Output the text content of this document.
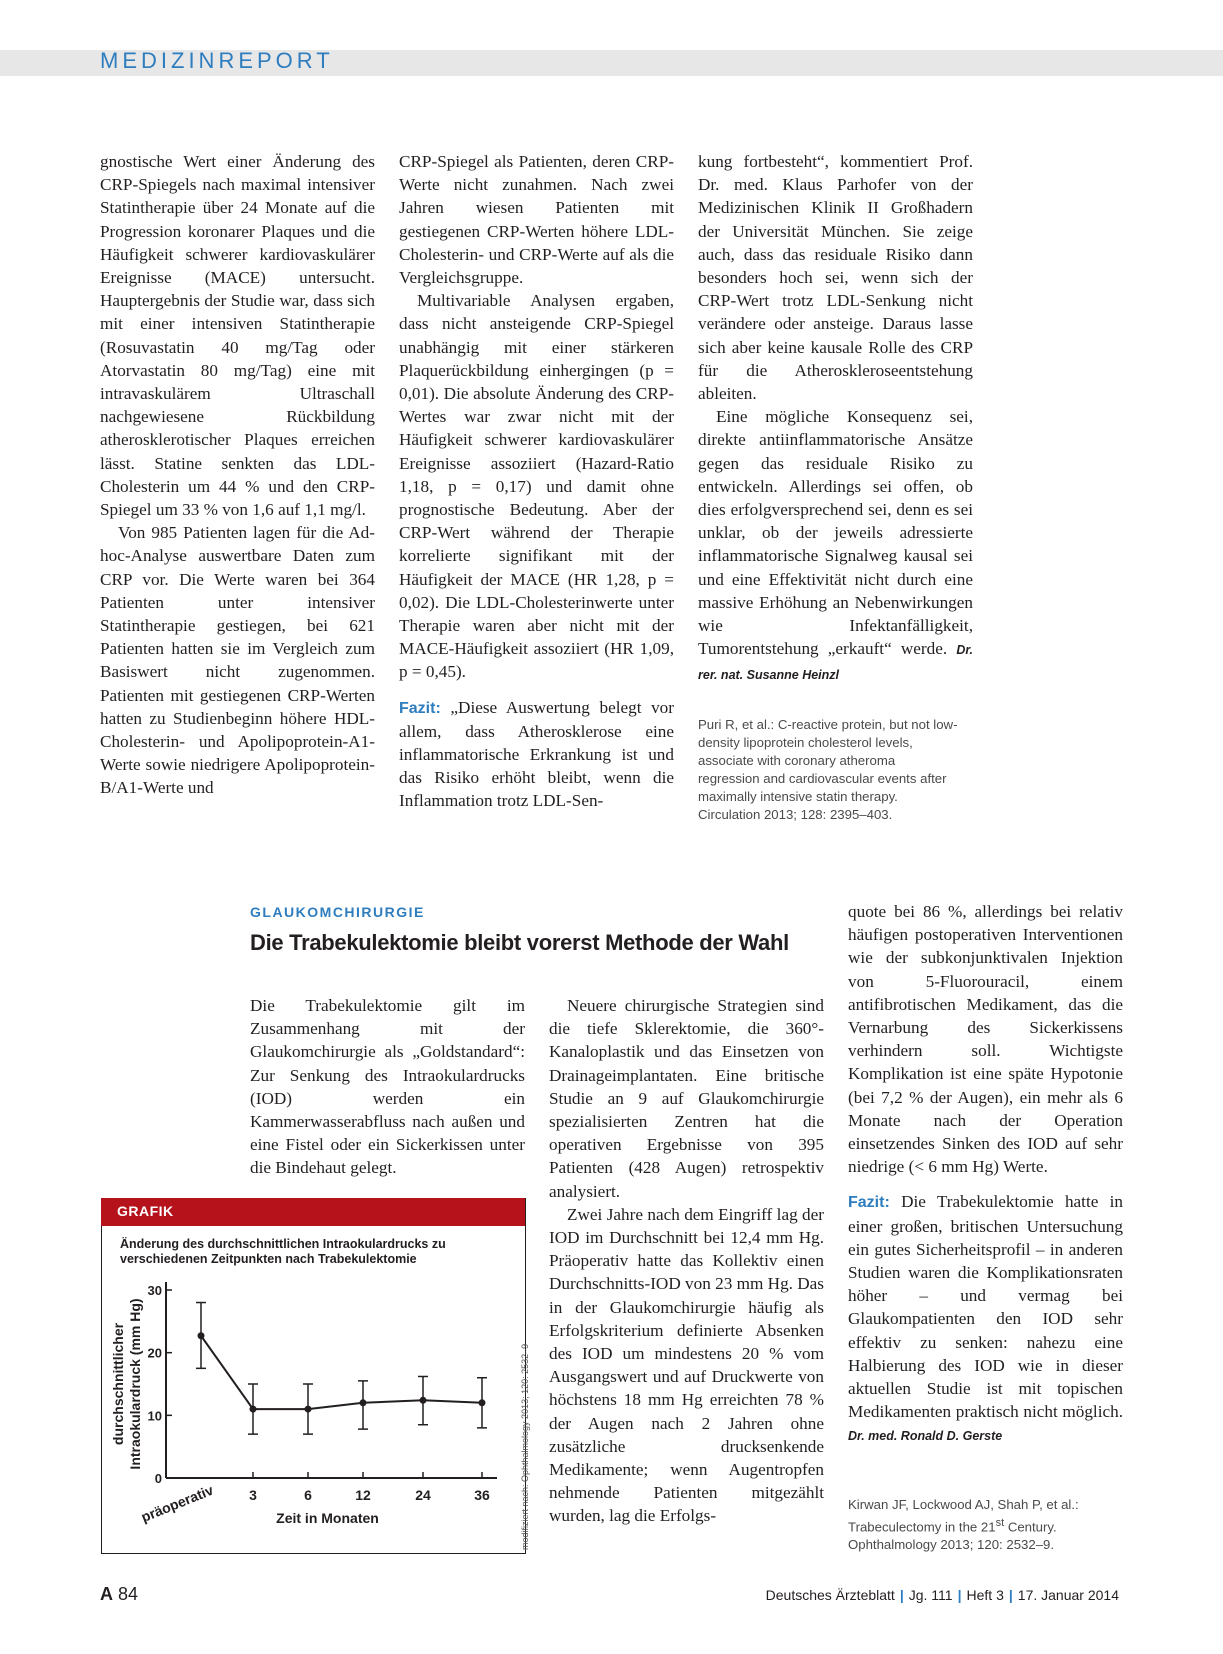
MEDIZINREPORT

gnostische Wert einer Änderung des CRP-Spiegels nach maximal intensiver Statintherapie über 24 Monate auf die Progression koronarer Plaques und die Häufigkeit schwerer kardiovaskulärer Ereignisse (MACE) untersucht. Hauptergebnis der Studie war, dass sich mit einer intensiven Statintherapie (Rosuvastatin 40 mg/Tag oder Atorvastatin 80 mg/Tag) eine mit intravaskulärem Ultraschall nachgewiesene Rückbildung atherosklerotischer Plaques erreichen lässt. Statine senkten das LDL-Cholesterin um 44 % und den CRP-Spiegel um 33 % von 1,6 auf 1,1 mg/l.

Von 985 Patienten lagen für die Ad-hoc-Analyse auswertbare Daten zum CRP vor. Die Werte waren bei 364 Patienten unter intensiver Statintherapie gestiegen, bei 621 Patienten hatten sie im Vergleich zum Basiswert nicht zugenommen. Patienten mit gestiegenen CRP-Werten hatten zu Studienbeginn höhere HDL-Cholesterin- und Apolipoprotein-A1-Werte sowie niedrigere Apolipoprotein-B/A1-Werte und

CRP-Spiegel als Patienten, deren CRP-Werte nicht zunahmen. Nach zwei Jahren wiesen Patienten mit gestiegenen CRP-Werten höhere LDL-Cholesterin- und CRP-Werte auf als die Vergleichsgruppe.

Multivariable Analysen ergaben, dass nicht ansteigende CRP-Spiegel unabhängig mit einer stärkeren Plaquerückbildung einhergingen (p = 0,01). Die absolute Änderung des CRP-Wertes war zwar nicht mit der Häufigkeit schwerer kardiovaskulärer Ereignisse assoziiert (Hazard-Ratio 1,18, p = 0,17) und damit ohne prognostische Bedeutung. Aber der CRP-Wert während der Therapie korrelierte signifikant mit der Häufigkeit der MACE (HR 1,28, p = 0,02). Die LDL-Cholesterinwerte unter Therapie waren aber nicht mit der MACE-Häufigkeit assoziiert (HR 1,09, p = 0,45).

Fazit: „Diese Auswertung belegt vor allem, dass Atherosklerose eine inflammatorische Erkrankung ist und das Risiko erhöht bleibt, wenn die Inflammation trotz LDL-Sen-

kung fortbesteht“, kommentiert Prof. Dr. med. Klaus Parhofer von der Medizinischen Klinik II Großhadern der Universität München. Sie zeige auch, dass das residuale Risiko dann besonders hoch sei, wenn sich der CRP-Wert trotz LDL-Senkung nicht verändere oder ansteige. Daraus lasse sich aber keine kausale Rolle des CRP für die Atheroskleroseentstehung ableiten.

Eine mögliche Konsequenz sei, direkte antiinflammatorische Ansätze gegen das residuale Risiko zu entwickeln. Allerdings sei offen, ob dies erfolgversprechend sei, denn es sei unklar, ob der jeweils adressierte inflammatorische Signalweg kausal sei und eine Effektivität nicht durch eine massive Erhöhung an Nebenwirkungen wie Infektanfälligkeit, Tumorentstehung „erkauft“ werde. Dr. rer. nat. Susanne Heinzl

Puri R, et al.: C-reactive protein, but not low-density lipoprotein cholesterol levels, associate with coronary atheroma regression and cardiovascular events after maximally intensive statin therapy. Circulation 2013; 128: 2395–403.
GLAUKOMCHIRURGIE
Die Trabekulektomie bleibt vorerst Methode der Wahl

Die Trabekulektomie gilt im Zusammenhang mit der Glaukomchirurgie als „Goldstandard“: Zur Senkung des Intraokulardrucks (IOD) werden ein Kammerwasserabfluss nach außen und eine Fistel oder ein Sickerkissen unter die Bindehaut gelegt.

Neuere chirurgische Strategien sind die tiefe Sklerektomie, die 360°-Kanaloplastik und das Einsetzen von Drainageimplantaten. Eine britische Studie an 9 auf Glaukomchirurgie spezialisierten Zentren hat die operativen Ergebnisse von 395 Patienten (428 Augen) retrospektiv analysiert.

Zwei Jahre nach dem Eingriff lag der IOD im Durchschnitt bei 12,4 mm Hg. Präoperativ hatte das Kollektiv einen Durchschnitts-IOD von 23 mm Hg. Das in der Glaukomchirurgie häufig als Erfolgskriterium definierte Absenken des IOD um mindestens 20 % vom Ausgangswert und auf Druckwerte von höchstens 18 mm Hg erreichten 78 % der Augen nach 2 Jahren ohne zusätzliche drucksenkende Medikamente; wenn Augentropfen nehmende Patienten mitgezählt wurden, lag die Erfolgs-

quote bei 86 %, allerdings bei relativ häufigen postoperativen Interventionen wie der subkonjunktivalen Injektion von 5-Fluorouracil, einem antifibrotischen Medikament, das die Vernarbung des Sickerkissens verhindern soll. Wichtigste Komplikation ist eine späte Hypotonie (bei 7,2 % der Augen), ein mehr als 6 Monate nach der Operation einsetzendes Sinken des IOD auf sehr niedrige (< 6 mm Hg) Werte.

Fazit: Die Trabekulektomie hatte in einer großen, britischen Untersuchung ein gutes Sicherheitsprofil – in anderen Studien waren die Komplikationsraten höher – und vermag bei Glaukompatienten den IOD sehr effektiv zu senken: nahezu eine Halbierung des IOD wie in dieser aktuellen Studie ist mit topischen Medikamenten praktisch nicht möglich. Dr. med. Ronald D. Gerste

Kirwan JF, Lockwood AJ, Shah P, et al.: Trabeculectomy in the 21st Century. Ophthalmology 2013; 120: 2532–9.
GRAFIK
Änderung des durchschnittlichen Intraokulardrucks zu verschiedenen Zeitpunkten nach Trabekulektomie
durchschnittlicher Intraokulardruck (mm Hg)
0
10
20
30
präoperativ 3	6	12	24	36
Zeit in Monaten	modifiziert nach: Ophthalmology 2013; 120: 2532–9
A 84	Deutsches Ärzteblatt | Jg. 111 | Heft 3 | 17. Januar 2014
